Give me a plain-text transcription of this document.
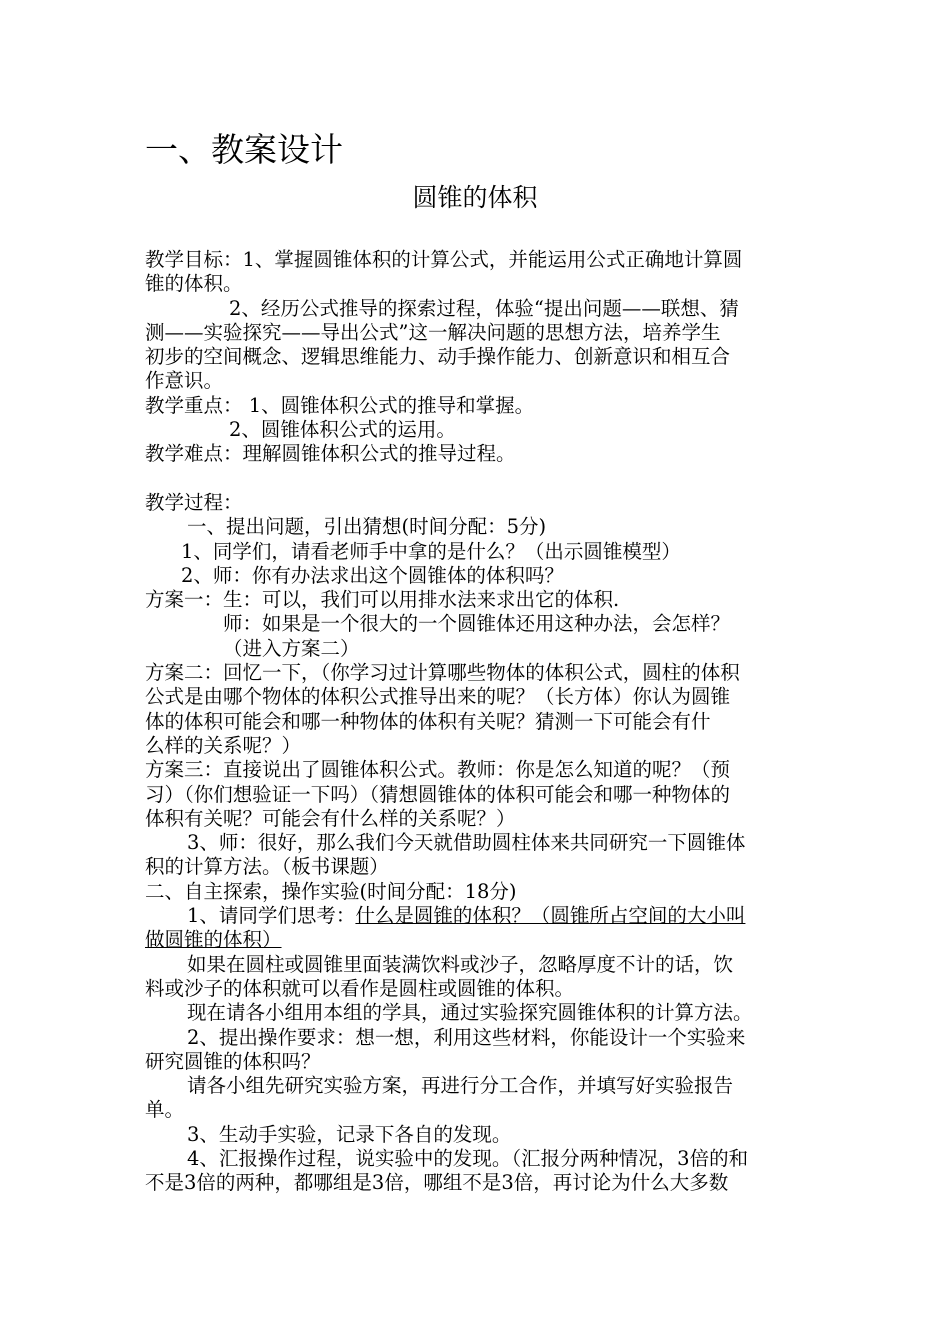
一、教案设计
圆锥的体积
教学目标：1、掌握圆锥体积的计算公式，并能运用公式正确地计算圆
锥的体积。
2、经历公式推导的探索过程，体验“提出问题——联想、猜
测——实验探究——导出公式”这一解决问题的思想方法，培养学生
初步的空间概念、逻辑思维能力、动手操作能力、创新意识和相互合
作意识。
教学重点： 1、圆锥体积公式的推导和掌握。
2、圆锥体积公式的运用。
教学难点：理解圆锥体积公式的推导过程。
教学过程：
一、提出问题，引出猜想(时间分配：5分)
1、同学们，请看老师手中拿的是什么？（出示圆锥模型）
2、师：你有办法求出这个圆锥体的体积吗？
方案一：生：可以，我们可以用排水法来求出它的体积.
师：如果是一个很大的一个圆锥体还用这种办法，会怎样？
（进入方案二）
方案二：回忆一下，（你学习过计算哪些物体的体积公式，圆柱的体积
公式是由哪个物体的体积公式推导出来的呢？（长方体）你认为圆锥
体的体积可能会和哪一种物体的体积有关呢？猜测一下可能会有什
么样的关系呢？）
方案三：直接说出了圆锥体积公式。教师：你是怎么知道的呢？（预
习）（你们想验证一下吗）（猜想圆锥体的体积可能会和哪一种物体的
体积有关呢？可能会有什么样的关系呢？）
3、师：很好，那么我们今天就借助圆柱体来共同研究一下圆锥体
积的计算方法。（板书课题）
二、自主探索，操作实验(时间分配：18分)
1、请同学们思考：什么是圆锥的体积？（圆锥所占空间的大小叫
做圆锥的体积）
如果在圆柱或圆锥里面装满饮料或沙子，忽略厚度不计的话，饮
料或沙子的体积就可以看作是圆柱或圆锥的体积。
现在请各小组用本组的学具，通过实验探究圆锥体积的计算方法。
2、提出操作要求：想一想，利用这些材料，你能设计一个实验来
研究圆锥的体积吗？
请各小组先研究实验方案，再进行分工合作，并填写好实验报告
单。
3、生动手实验，记录下各自的发现。
4、汇报操作过程，说实验中的发现。（汇报分两种情况，3倍的和
不是3倍的两种，都哪组是3倍，哪组不是3倍，再讨论为什么大多数
